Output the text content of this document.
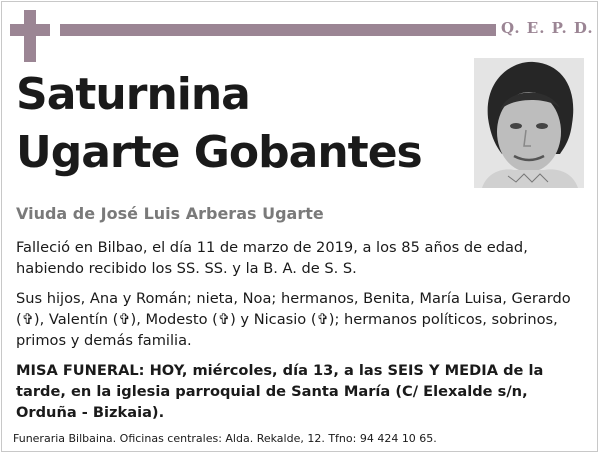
Q. E. P. D.
Saturnina
Ugarte Gobantes
Viuda de José Luis Arberas Ugarte
Falleció en Bilbao, el día 11 de marzo de 2019, a los 85 años de edad, habiendo recibido los SS. SS. y la B. A. de S. S.
Sus hijos, Ana y Román; nieta, Noa; hermanos, Benita, María Luisa, Gerardo (✞), Valentín (✞), Modesto (✞) y Nicasio (✞); hermanos políticos, sobrinos, primos y demás familia.
MISA FUNERAL: HOY, miércoles, día 13, a las SEIS Y MEDIA de la tarde, en la iglesia parroquial de Santa María (C/ Elexalde s/n, Orduña - Bizkaia).
Funeraria Bilbaina. Oficinas centrales: Alda. Rekalde, 12. Tfno: 94 424 10 65.
